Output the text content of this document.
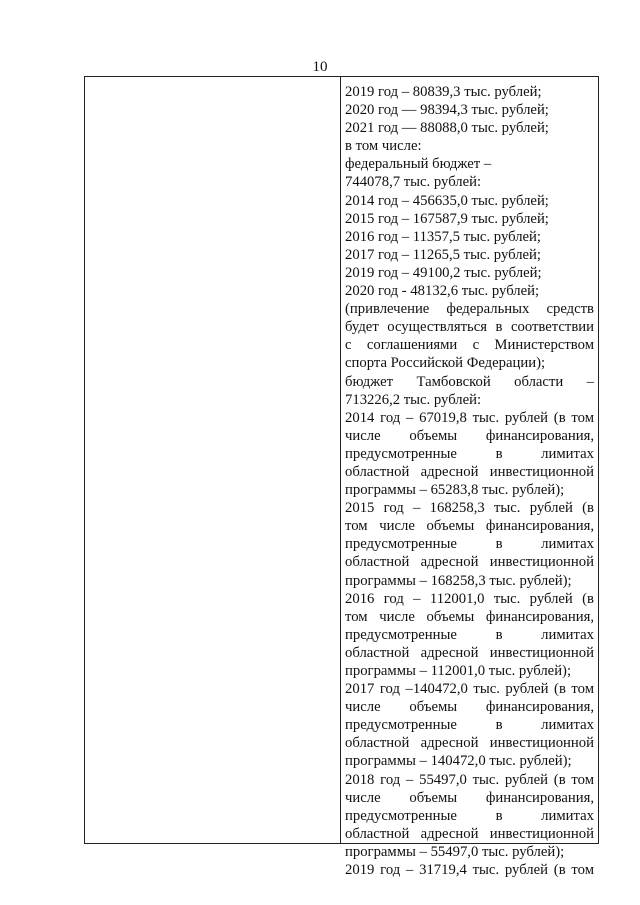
10
2019 год – 80839,3 тыс. рублей;
2020 год — 98394,3 тыс. рублей;
2021 год — 88088,0 тыс. рублей;
в том числе:
федеральный бюджет –
744078,7 тыс. рублей:
2014 год – 456635,0 тыс. рублей;
2015 год – 167587,9 тыс. рублей;
2016 год – 11357,5 тыс. рублей;
2017 год – 11265,5 тыс. рублей;
2019 год – 49100,2 тыс. рублей;
2020 год - 48132,6 тыс. рублей;
(привлечение федеральных средств
будет осуществляться в соответствии
с соглашениями с Министерством
спорта Российской Федерации);
бюджет Тамбовской области –
713226,2 тыс. рублей:
2014 год – 67019,8 тыс. рублей (в том
числе объемы финансирования,
предусмотренные в лимитах
областной адресной инвестиционной
программы – 65283,8 тыс. рублей);
2015 год – 168258,3 тыс. рублей (в
том числе объемы финансирования,
предусмотренные в лимитах
областной адресной инвестиционной
программы – 168258,3 тыс. рублей);
2016 год – 112001,0 тыс. рублей (в
том числе объемы финансирования,
предусмотренные в лимитах
областной адресной инвестиционной
программы – 112001,0 тыс. рублей);
2017 год –140472,0 тыс. рублей (в том
числе объемы финансирования,
предусмотренные в лимитах
областной адресной инвестиционной
программы – 140472,0 тыс. рублей);
2018 год – 55497,0 тыс. рублей (в том
числе объемы финансирования,
предусмотренные в лимитах
областной адресной инвестиционной
программы – 55497,0 тыс. рублей);
2019 год – 31719,4 тыс. рублей (в том
